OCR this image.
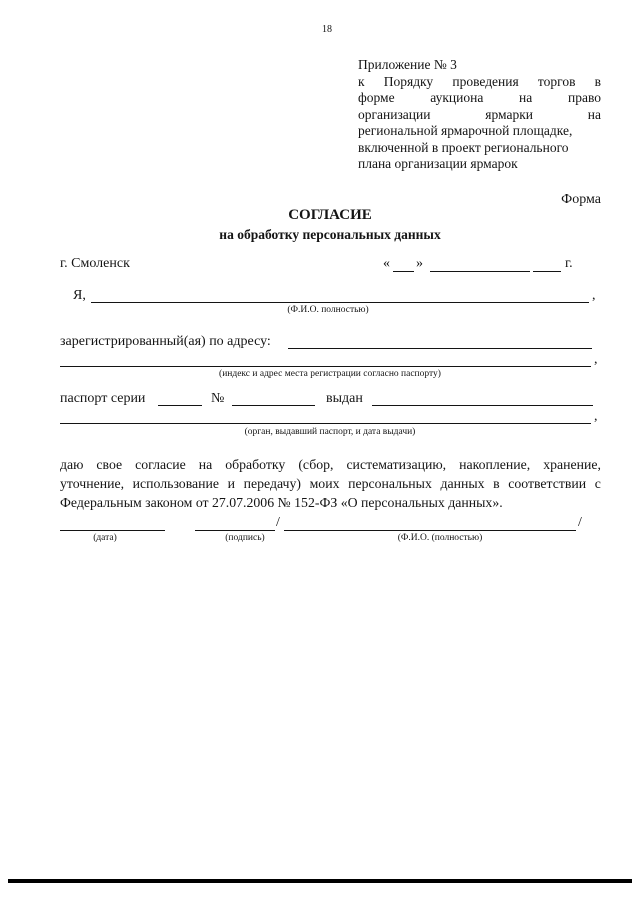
18
Приложение № 3
к Порядку проведения торгов в
форме	аукциона	на	право
организации	ярмарки	на
региональной ярмарочной площадке,
включенной в проект регионального
плана организации ярмарок
Форма
СОГЛАСИЕ
на обработку персональных данных
г. Смоленск	« »	г.
Я,	,
(Ф.И.О. полностью)
зарегистрированный(ая) по адресу:
,
(индекс и адрес места регистрации согласно паспорту)
паспорт серии	№	выдан
,
(орган, выдавший паспорт, и дата выдачи)
даю свое согласие на обработку (сбор, систематизацию, накопление, хранение,
уточнение, использование и передачу) моих персональных данных в соответствии с
Федеральным законом от 27.07.2006 № 152-ФЗ «О персональных данных».
/	/
(дата)	(подпись)	(Ф.И.О. (полностью)
